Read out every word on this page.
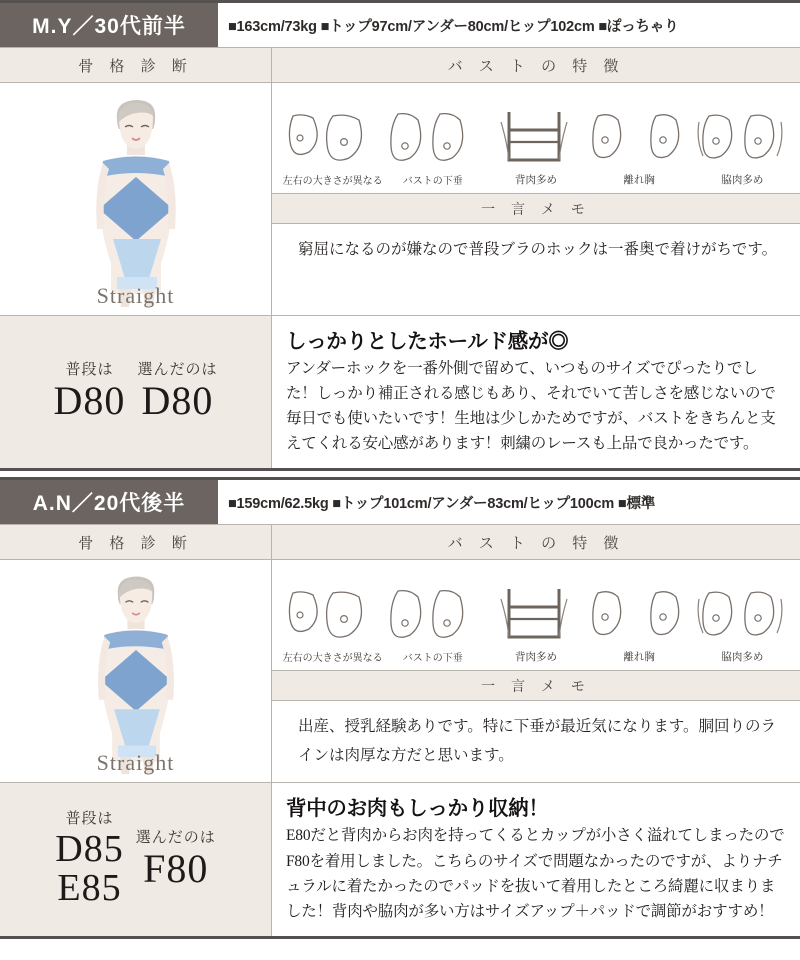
M.Y／30代前半	■163cm/73kg ■トップ97cm/アンダー80cm/ヒップ102cm ■ぽっちゃり
骨 格 診 断	バ ス ト の 特 徴
Straight
左右の大きさが異なる	バストの下垂	背肉多め	離れ胸	脇肉多め
一 言 メ モ
窮屈になるのが嫌なので普段ブラのホックは一番奥で着けがちです。
普段は
D80
選んだのは
D80
しっかりとしたホールド感が◎
アンダーホックを一番外側で留めて、いつものサイズでぴったりでした！しっかり補正される感じもあり、それでいて苦しさを感じないので毎日でも使いたいです！生地は少しかためですが、バストをきちんと支えてくれる安心感があります！刺繍のレースも上品で良かったです。
A.N／20代後半	■159cm/62.5kg ■トップ101cm/アンダー83cm/ヒップ100cm ■標準
骨 格 診 断	バ ス ト の 特 徴
Straight
左右の大きさが異なる	バストの下垂	背肉多め	離れ胸	脇肉多め
一 言 メ モ
出産、授乳経験ありです。特に下垂が最近気になります。胴回りのラインは肉厚な方だと思います。
普段は
D85
E85
選んだのは
F80
背中のお肉もしっかり収納！
E80だと背肉からお肉を持ってくるとカップが小さく溢れてしまったのでF80を着用しました。こちらのサイズで問題なかったのですが、よりナチュラルに着たかったのでパッドを抜いて着用したところ綺麗に収まりました！背肉や脇肉が多い方はサイズアップ＋パッドで調節がおすすめ！
